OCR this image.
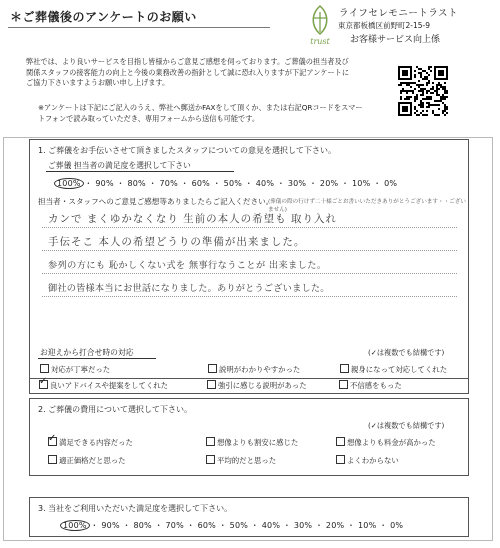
＊ご葬儀後のアンケートのお願い
trust
ライフセレモニートラスト
東京都板橋区前野町2-15-9
お客様サービス向上係
弊社では、より良いサービスを目指し皆様からご意見ご感想を伺っております。ご葬儀の担当者及び関係スタッフの接客能力の向上と今後の業務改善の指針として誠に恐れ入りますが下記アンケートにご協力下さいますようお願い申し上げます。
※アンケートは下記にご記入のうえ、弊社へ郵送かFAXをして頂くか、または右記QRコードをスマートフォンで読み取っていただき、専用フォームから送信も可能です。
1. ご葬儀をお手伝いさせて頂きましたスタッフについての意見を選択して下さい。
ご葬儀 担当者の満足度を選択して下さい
100% ・ 90% ・ 80% ・ 70% ・ 60% ・ 50% ・ 40% ・ 30% ・ 20% ・ 10% ・ 0%
担当者・スタッフへのご意見ご感想等ありましたらご記入ください。
(葬儀の際の行けず二十様ごとお書いいただきありがとうございます・・ございません)
カンで まくゆかなくなり 生前の本人の希望も 取り入れ
手伝そこ 本人の希望どうりの準備が出来ました。
参列の方にも 恥かしくない式を 無事行なうことが 出来ました。
御社の皆様本当にお世話になりました。ありがとうございました。
お迎えから打合せ時の対応	(✓は複数でも結構です)
対応が丁寧だった	説明がわかりやすかった	親身になって対応してくれた
✓良いアドバイスや提案をしてくれた	強引に感じる説明があった	不信感をもった
2. ご葬儀の費用について選択して下さい。
(✓は複数でも結構です)
✓満足できる内容だった	想像よりも割安に感じた	想像よりも料金が高かった
適正価格だと思った	平均的だと思った	よくわからない
3. 当社をご利用いただいた満足度を選択して下さい。
100% ・ 90% ・ 80% ・ 70% ・ 60% ・ 50% ・ 40% ・ 30% ・ 20% ・ 10% ・ 0%
